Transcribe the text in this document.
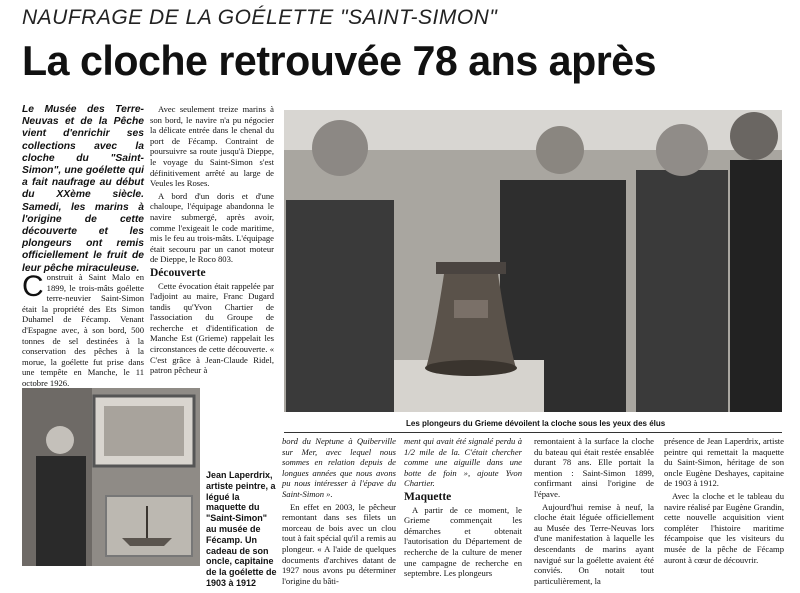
NAUFRAGE DE LA GOÉLETTE "SAINT-SIMON"
La cloche retrouvée 78 ans après
Le Musée des Terre-Neuvas et de la Pêche vient d'enrichir ses collections avec la cloche du "Saint-Simon", une goélette qui a fait naufrage au début du XXème siècle. Samedi, les marins à l'origine de cette découverte et les plongeurs ont remis officiellement le fruit de leur pêche miraculeuse.

Construit à Saint Malo en 1899, le trois-mâts goélette terre-neuvier Saint-Simon était la propriété des Ets Simon Duhamel de Fécamp. Venant d'Espagne avec, à son bord, 500 tonnes de sel destinées à la conservation des pêches à la morue, la goélette fut prise dans une tempête en Manche, le 11 octobre 1926.

Avec seulement treize marins à son bord, le navire n'a pu négocier la délicate entrée dans le chenal du port de Fécamp. Contraint de poursuivre sa route jusqu'à Dieppe, le voyage du Saint-Simon s'est définitivement arrêté au large de Veules les Roses.

A bord d'un doris et d'une chaloupe, l'équipage abandonna le navire submergé, après avoir, comme l'exigeait le code maritime, mis le feu au trois-mâts. L'équipage était secouru par un canot moteur de Dieppe, le Roco 803.

Découverte

Cette évocation était rappelée par l'adjoint au maire, Franc Dugard tandis qu'Yvon Chartier de l'association du Groupe de recherche et d'identification de Manche Est (Grieme) rappelait les circonstances de cette découverte. « C'est grâce à Jean-Claude Ridel, patron pêcheur à

Les plongeurs du Grieme dévoilent la cloche sous les yeux des élus
Jean Laperdrix, artiste peintre, a légué la maquette du "Saint-Simon" au musée de Fécamp. Un cadeau de son oncle, capitaine de la goélette de 1903 à 1912

bord du Neptune à Quiberville sur Mer, avec lequel nous sommes en relation depuis de longues années que nous avons pu nous intéresser à l'épave du Saint-Simon ».

En effet en 2003, le pêcheur remontant dans ses filets un morceau de bois avec un clou tout à fait spécial qu'il a remis au plongeur. « A l'aide de quelques documents d'archives datant de 1927 nous avons pu déterminer l'origine du bâti-

ment qui avait été signalé perdu à 1/2 mile de la. C'était chercher comme une aiguille dans une botte de foin », ajoute Yvon Chartier.

Maquette

A partir de ce moment, le Grieme commençait les démarches et obtenait l'autorisation du Département de recherche de la culture de mener une campagne de recherche en septembre. Les plongeurs

remontaient à la surface la cloche du bateau qui était restée ensablée durant 78 ans. Elle portait la mention : Saint-Simon 1899, confirmant ainsi l'origine de l'épave.

Aujourd'hui remise à neuf, la cloche était léguée officiellement au Musée des Terre-Neuvas lors d'une manifestation à laquelle les descendants de marins ayant navigué sur la goélette avaient été conviés. On notait tout particulièrement, la

présence de Jean Laperdrix, artiste peintre qui remettait la maquette du Saint-Simon, héritage de son oncle Eugène Deshayes, capitaine de 1903 à 1912.

Avec la cloche et le tableau du navire réalisé par Eugène Grandin, cette nouvelle acquisition vient compléter l'histoire maritime fécampoise que les visiteurs du musée de la pêche de Fécamp auront à cœur de découvrir.
